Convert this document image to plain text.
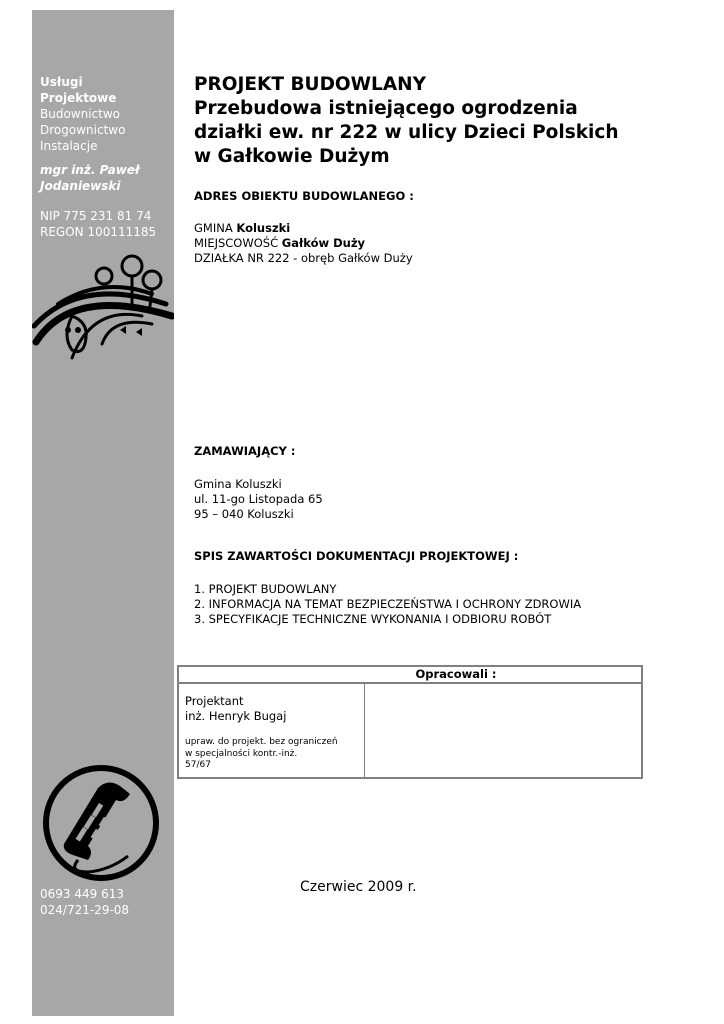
Usługi
Projektowe
Budownictwo
Drogownictwo
Instalacje
mgr inż. Paweł
Jodaniewski
NIP 775 231 81 74
REGON 100111185
0693 449 613
024/721-29-08
PROJEKT BUDOWLANY
Przebudowa istniejącego ogrodzenia
działki ew. nr 222 w ulicy Dzieci Polskich
w Gałkowie Dużym
ADRES OBIEKTU BUDOWLANEGO :
GMINA Koluszki
MIEJSCOWOŚĆ Gałków Duży
DZIAŁKA NR 222 - obręb Gałków Duży
ZAMAWIAJĄCY :
Gmina Koluszki
ul. 11-go Listopada 65
95 – 040 Koluszki
SPIS ZAWARTOŚCI DOKUMENTACJI PROJEKTOWEJ :
1. PROJEKT BUDOWLANY
2. INFORMACJA NA TEMAT BEZPIECZEŃSTWA I OCHRONY ZDROWIA
3. SPECYFIKACJE TECHNICZNE WYKONANIA I ODBIORU ROBÓT
Opracowali :
Projektant
inż. Henryk Bugaj
upraw. do projekt. bez ograniczeń
w specjalności kontr.-inż.
57/67
Czerwiec 2009 r.
